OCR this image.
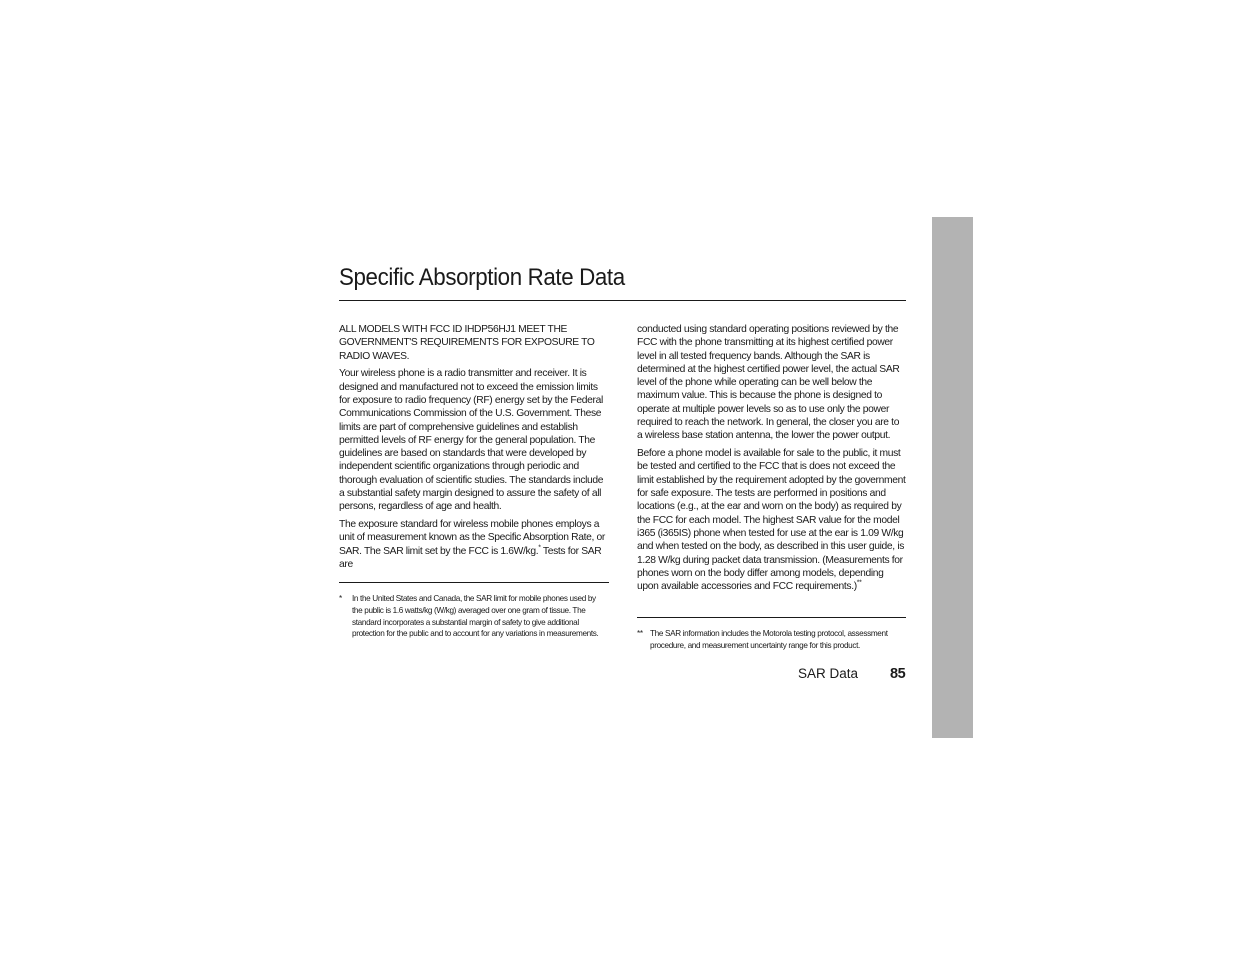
Specific Absorption Rate Data

ALL MODELS WITH FCC ID IHDP56HJ1 MEET THE GOVERNMENT'S REQUIREMENTS FOR EXPOSURE TO RADIO WAVES.

Your wireless phone is a radio transmitter and receiver. It is designed and manufactured not to exceed the emission limits for exposure to radio frequency (RF) energy set by the Federal Communications Commission of the U.S. Government. These limits are part of comprehensive guidelines and establish permitted levels of RF energy for the general population. The guidelines are based on standards that were developed by independent scientific organizations through periodic and thorough evaluation of scientific studies. The standards include a substantial safety margin designed to assure the safety of all persons, regardless of age and health.

The exposure standard for wireless mobile phones employs a unit of measurement known as the Specific Absorption Rate, or SAR. The SAR limit set by the FCC is 1.6W/kg.* Tests for SAR are

conducted using standard operating positions reviewed by the FCC with the phone transmitting at its highest certified power level in all tested frequency bands. Although the SAR is determined at the highest certified power level, the actual SAR level of the phone while operating can be well below the maximum value. This is because the phone is designed to operate at multiple power levels so as to use only the power required to reach the network. In general, the closer you are to a wireless base station antenna, the lower the power output.

Before a phone model is available for sale to the public, it must be tested and certified to the FCC that is does not exceed the limit established by the requirement adopted by the government for safe exposure. The tests are performed in positions and locations (e.g., at the ear and worn on the body) as required by the FCC for each model. The highest SAR value for the model i365 (i365IS) phone when tested for use at the ear is 1.09 W/kg and when tested on the body, as described in this user guide, is 1.28 W/kg during packet data transmission. (Measurements for phones worn on the body differ among models, depending upon available accessories and FCC requirements.)**

* In the United States and Canada, the SAR limit for mobile phones used by the public is 1.6 watts/kg (W/kg) averaged over one gram of tissue. The standard incorporates a substantial margin of safety to give additional protection for the public and to account for any variations in measurements.	** The SAR information includes the Motorola testing protocol, assessment procedure, and measurement uncertainty range for this product.
SAR Data 85
